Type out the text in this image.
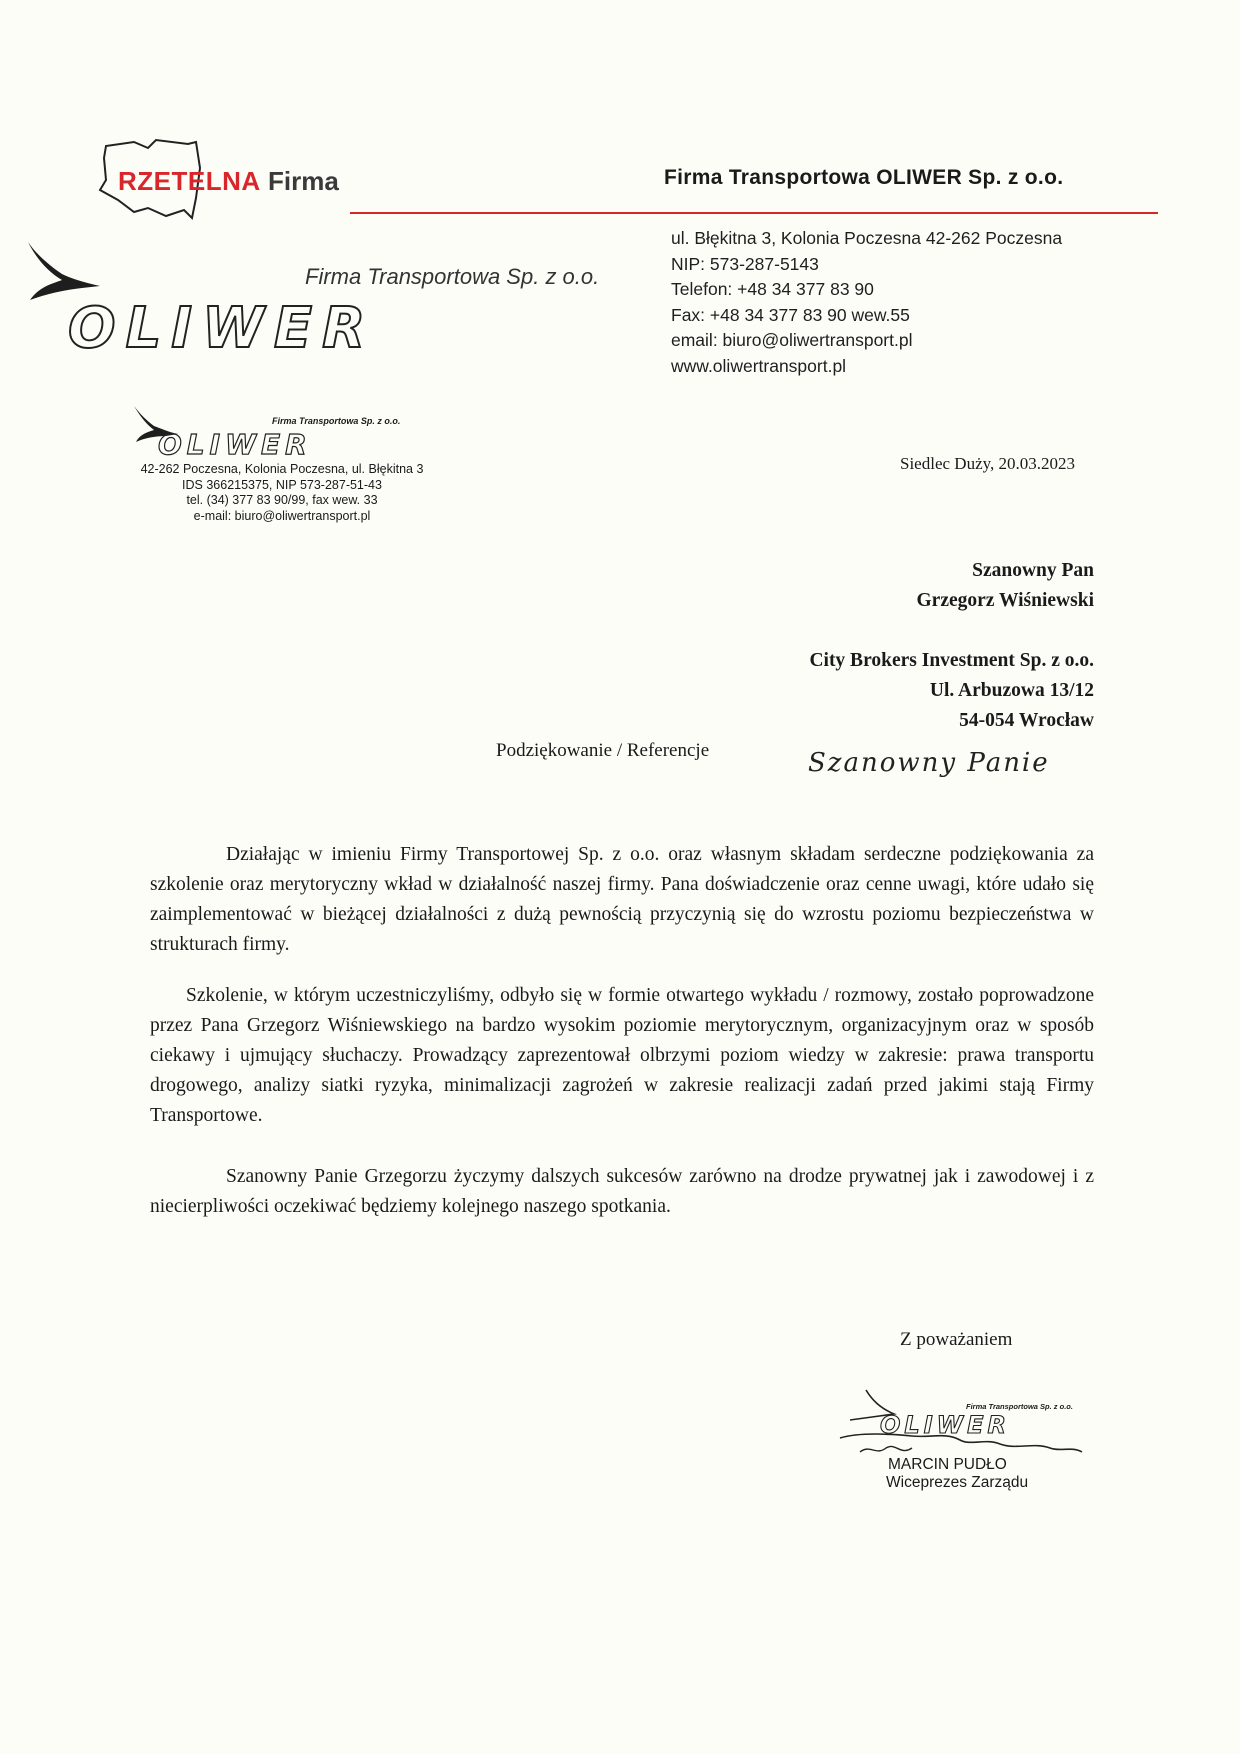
RZETELNA Firma	Firma Transportowa OLIWER Sp. z o.o.
Firma Transportowa Sp. z o.o.
OLIWER
ul. Błękitna 3, Kolonia Poczesna 42-262 Poczesna
NIP: 573-287-5143
Telefon: +48 34 377 83 90
Fax: +48 34 377 83 90 wew.55
email: biuro@oliwertransport.pl
www.oliwertransport.pl
Firma Transportowa Sp. z o.o.
OLIWER
42-262 Poczesna, Kolonia Poczesna, ul. Błękitna 3
IDS 366215375, NIP 573-287-51-43
tel. (34) 377 83 90/99, fax wew. 33
e-mail: biuro@oliwertransport.pl
Siedlec Duży, 20.03.2023
Szanowny Pan
Grzegorz Wiśniewski
City Brokers Investment Sp. z o.o.
Ul. Arbuzowa 13/12
54-054 Wrocław
Podziękowanie / Referencje	Szanowny Panie
Działając w imieniu Firmy Transportowej Sp. z o.o. oraz własnym składam serdeczne podziękowania za szkolenie oraz merytoryczny wkład w działalność naszej firmy. Pana doświadczenie oraz cenne uwagi, które udało się zaimplementować w bieżącej działalności z dużą pewnością przyczynią się do wzrostu poziomu bezpieczeństwa w strukturach firmy.
Szkolenie, w którym uczestniczyliśmy, odbyło się w formie otwartego wykładu / rozmowy, zostało poprowadzone przez Pana Grzegorz Wiśniewskiego na bardzo wysokim poziomie merytorycznym, organizacyjnym oraz w sposób ciekawy i ujmujący słuchaczy. Prowadzący zaprezentował olbrzymi poziom wiedzy w zakresie: prawa transportu drogowego, analizy siatki ryzyka, minimalizacji zagrożeń w zakresie realizacji zadań przed jakimi stają Firmy Transportowe.
Szanowny Panie Grzegorzu życzymy dalszych sukcesów zarówno na drodze prywatnej jak i zawodowej i z niecierpliwości oczekiwać będziemy kolejnego naszego spotkania.
Z poważaniem
Firma Transportowa Sp. z o.o.
OLIWER
MARCIN PUDŁO
Wiceprezes Zarządu
